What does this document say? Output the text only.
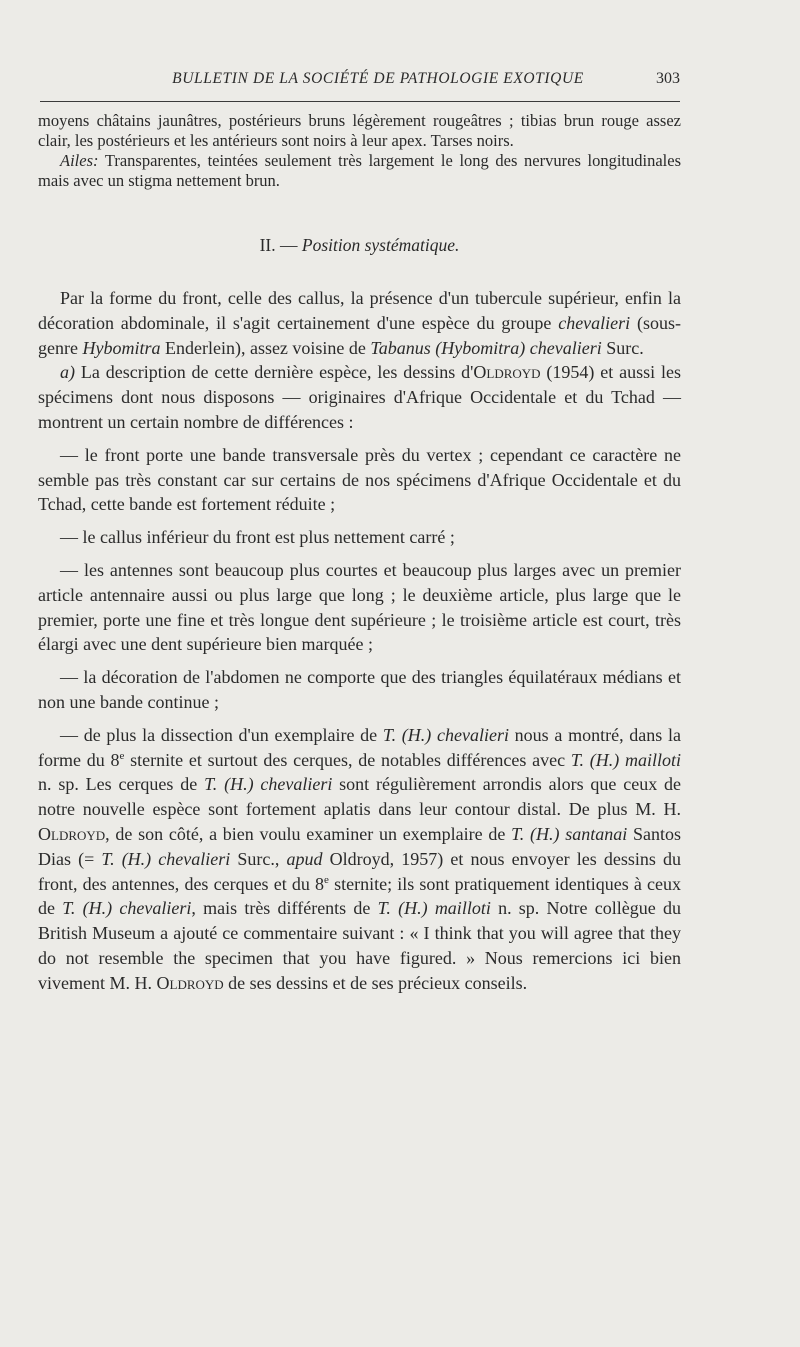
BULLETIN DE LA SOCIÉTÉ DE PATHOLOGIE EXOTIQUE	303

moyens châtains jaunâtres, postérieurs bruns légèrement rougeâtres ; tibias brun rouge assez clair, les postérieurs et les antérieurs sont noirs à leur apex. Tarses noirs.

Ailes: Transparentes, teintées seulement très largement le long des nervures longitudinales mais avec un stigma nettement brun.

II. — Position systématique.

Par la forme du front, celle des callus, la présence d'un tubercule supérieur, enfin la décoration abdominale, il s'agit certainement d'une espèce du groupe chevalieri (sous-genre Hybomitra Enderlein), assez voisine de Tabanus (Hybomitra) chevalieri Surc.

a) La description de cette dernière espèce, les dessins d'Oldroyd (1954) et aussi les spécimens dont nous disposons — originaires d'Afrique Occidentale et du Tchad — montrent un certain nombre de différences :

— le front porte une bande transversale près du vertex ; cependant ce caractère ne semble pas très constant car sur certains de nos spécimens d'Afrique Occidentale et du Tchad, cette bande est fortement réduite ;

— le callus inférieur du front est plus nettement carré ;

— les antennes sont beaucoup plus courtes et beaucoup plus larges avec un premier article antennaire aussi ou plus large que long ; le deuxième article, plus large que le premier, porte une fine et très longue dent supérieure ; le troisième article est court, très élargi avec une dent supérieure bien marquée ;

— la décoration de l'abdomen ne comporte que des triangles équilatéraux médians et non une bande continue ;

— de plus la dissection d'un exemplaire de T. (H.) chevalieri nous a montré, dans la forme du 8e sternite et surtout des cerques, de notables différences avec T. (H.) mailloti n. sp. Les cerques de T. (H.) chevalieri sont régulièrement arrondis alors que ceux de notre nouvelle espèce sont fortement aplatis dans leur contour distal. De plus M. H. Oldroyd, de son côté, a bien voulu examiner un exemplaire de T. (H.) santanai Santos Dias (= T. (H.) chevalieri Surc., apud Oldroyd, 1957) et nous envoyer les dessins du front, des antennes, des cerques et du 8e sternite; ils sont pratiquement identiques à ceux de T. (H.) chevalieri, mais très différents de T. (H.) mailloti n. sp. Notre collègue du British Museum a ajouté ce commentaire suivant : « I think that you will agree that they do not resemble the specimen that you have figured. » Nous remercions ici bien vivement M. H. Oldroyd de ses dessins et de ses précieux conseils.
